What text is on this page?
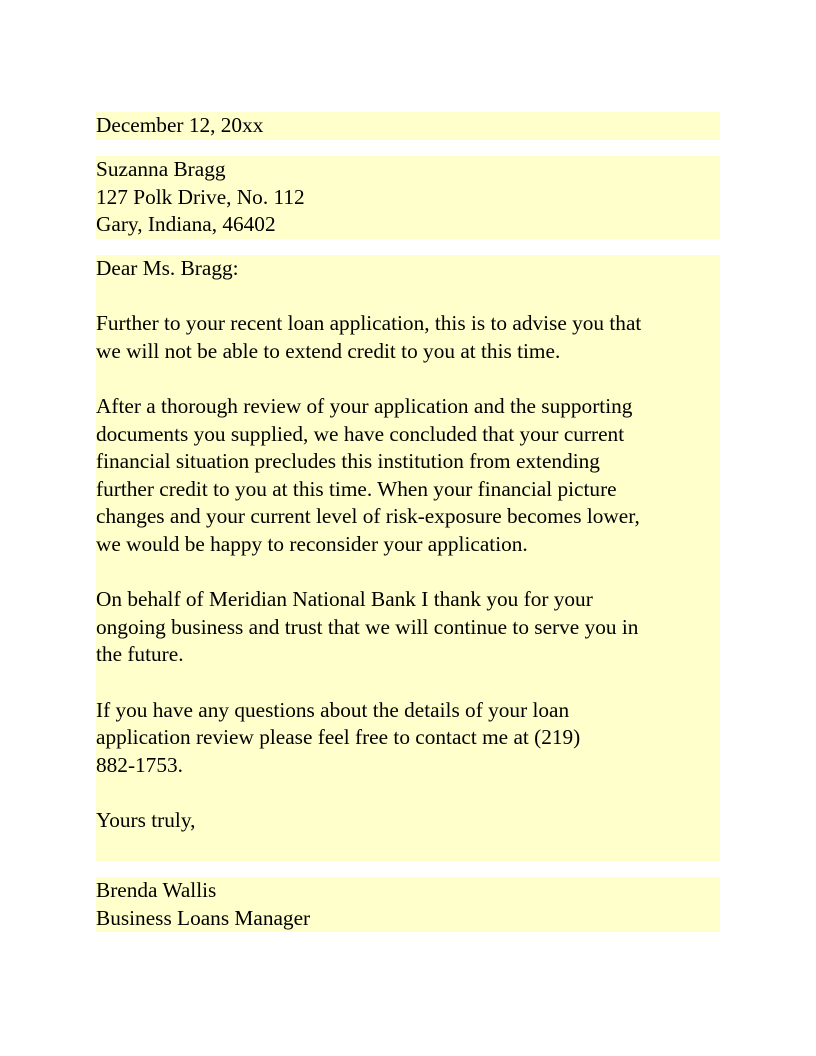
December 12, 20xx
Suzanna Bragg
127 Polk Drive, No. 112
Gary, Indiana, 46402

Dear Ms. Bragg:

Further to your recent loan application, this is to advise you that
we will not be able to extend credit to you at this time.

After a thorough review of your application and the supporting
documents you supplied, we have concluded that your current
financial situation precludes this institution from extending
further credit to you at this time. When your financial picture
changes and your current level of risk-exposure becomes lower,
we would be happy to reconsider your application.

On behalf of Meridian National Bank I thank you for your
ongoing business and trust that we will continue to serve you in
the future.

If you have any questions about the details of your loan
application review please feel free to contact me at (219)
882-1753.

Yours truly,

Brenda Wallis
Business Loans Manager
